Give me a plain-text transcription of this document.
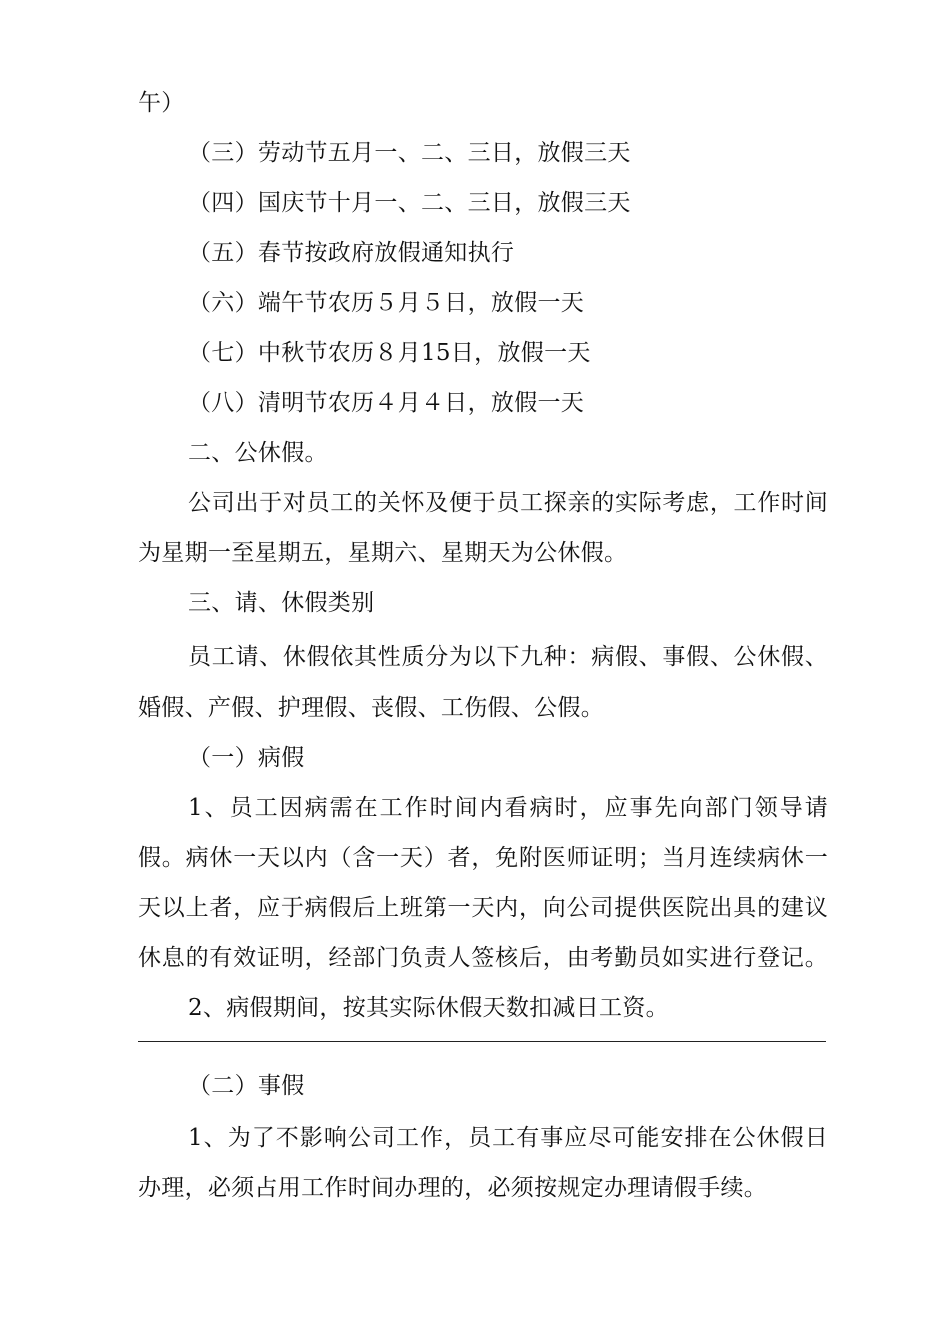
午）
（三）劳动节五月一、二、三日，放假三天
（四）国庆节十月一、二、三日，放假三天
（五）春节按政府放假通知执行
（六）端午节农历５月５日，放假一天
（七）中秋节农历８月15日，放假一天
（八）清明节农历４月４日，放假一天
二、公休假。
公司出于对员工的关怀及便于员工探亲的实际考虑，工作时间
为星期一至星期五，星期六、星期天为公休假。
三、请、休假类别
员工请、休假依其性质分为以下九种：病假、事假、公休假、
婚假、产假、护理假、丧假、工伤假、公假。
（一）病假
1、员工因病需在工作时间内看病时，应事先向部门领导请
假。病休一天以内（含一天）者，免附医师证明；当月连续病休一
天以上者，应于病假后上班第一天内，向公司提供医院出具的建议
休息的有效证明，经部门负责人签核后，由考勤员如实进行登记。
2、病假期间，按其实际休假天数扣减日工资。
（二）事假
1、为了不影响公司工作，员工有事应尽可能安排在公休假日
办理，必须占用工作时间办理的，必须按规定办理请假手续。
